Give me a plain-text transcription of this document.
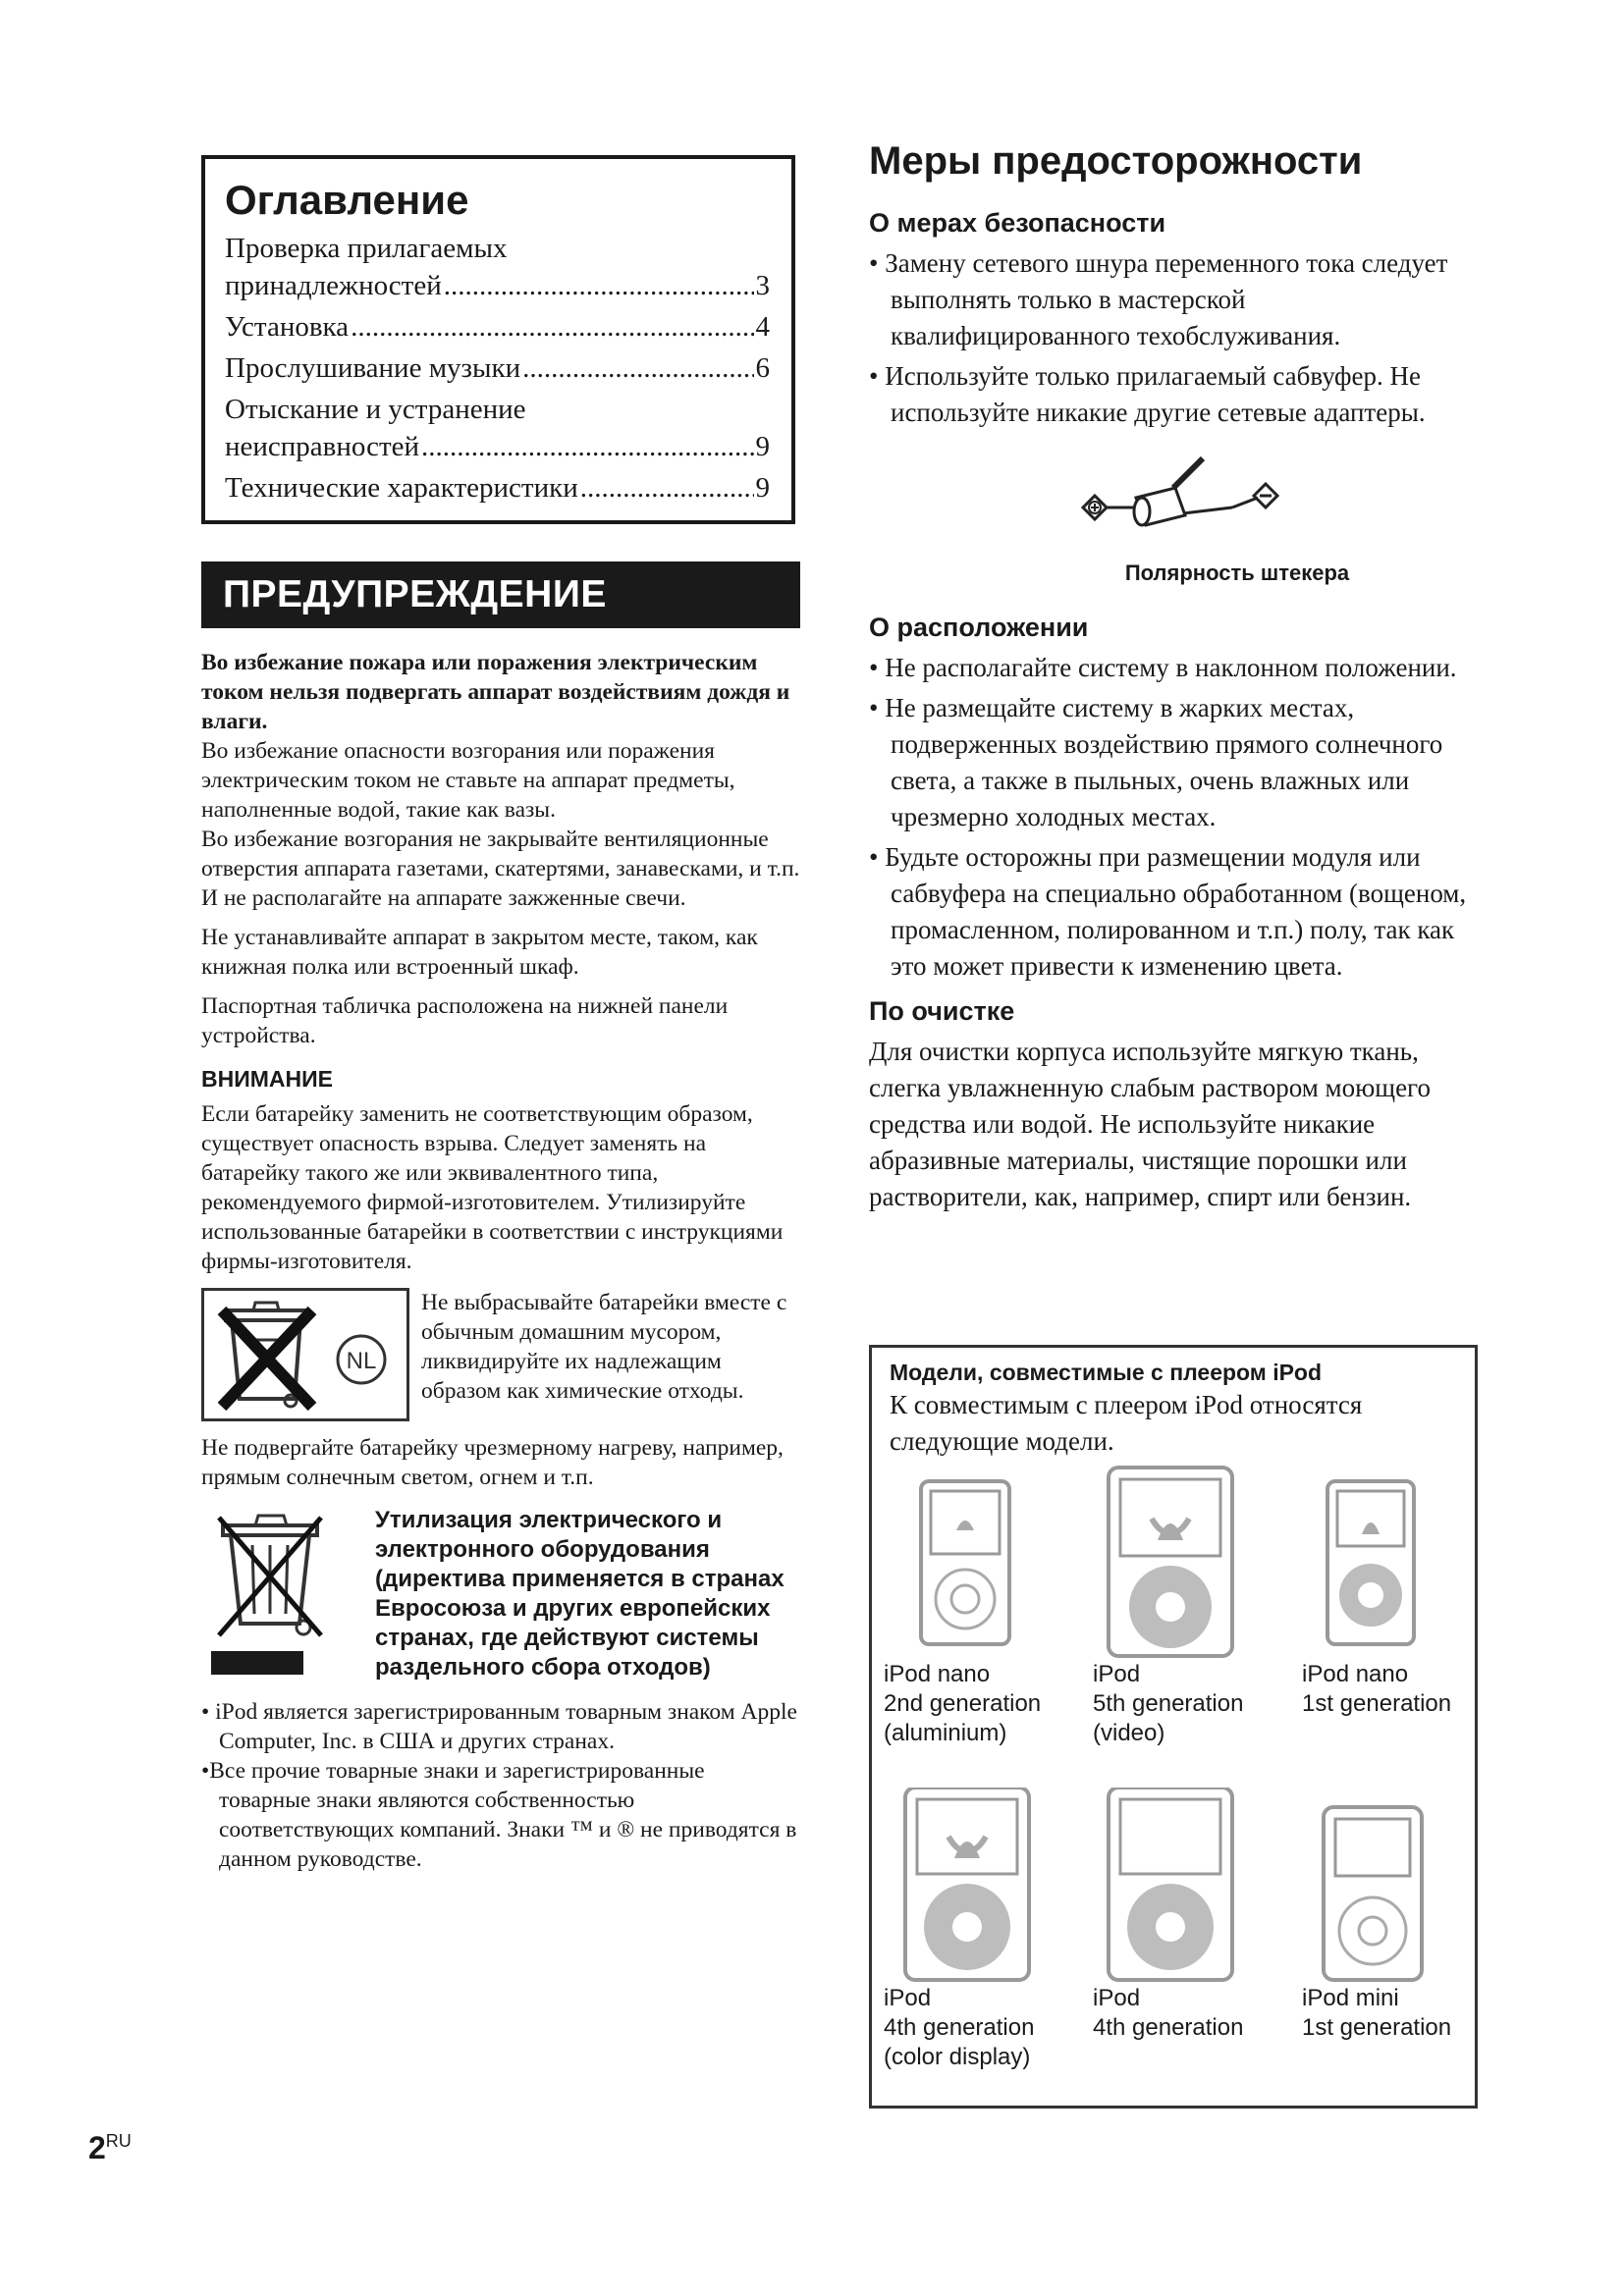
Оглавление
Проверка прилагаемых
принадлежностей .....	3
Установка .....	4
Прослушивание музыки .....	6
Отыскание и устранение
неисправностей .....	9
Технические характеристики .....	9
ПРЕДУПРЕЖДЕНИЕ

Во избежание пожара или поражения электрическим током нельзя подвергать аппарат воздействиям дождя и влаги.

Во избежание опасности возгорания или поражения электрическим током не ставьте на аппарат предметы, наполненные водой, такие как вазы.

Во избежание возгорания не закрывайте вентиляционные отверстия аппарата газетами, скатертями, занавесками, и т.п. И не располагайте на аппарате зажженные свечи.

Не устанавливайте аппарат в закрытом месте, таком, как книжная полка или встроенный шкаф.

Паспортная табличка расположена на нижней панели устройства.

ВНИМАНИЕ

Если батарейку заменить не соответствующим образом, существует опасность взрыва. Следует заменять на батарейку такого же или эквивалентного типа, рекомендуемого фирмой-изготовителем. Утилизируйте использованные батарейки в соответствии с инструкциями фирмы-изготовителя.

NL
Не выбрасывайте батарейки вместе с обычным домашним мусором, ликвидируйте их надлежащим образом как химические отходы.

Не подвергайте батарейку чрезмерному нагреву, например, прямым солнечным светом, огнем и т.п.

Утилизация электрического и электронного оборудования (директива применяется в странах Евросоюза и других европейских странах, где действуют системы раздельного сбора отходов)

• iPod является зарегистрированным товарным знаком Apple Computer, Inc. в США и других странах.

•Все прочие товарные знаки и зарегистрированные товарные знаки являются собственностью соответствующих компаний. Знаки ™ и ® не приводятся в данном руководстве.

Меры предосторожности
О мерах безопасности

• Замену сетевого шнура переменного тока следует выполнять только в мастерской квалифицированного техобслуживания.

• Используйте только прилагаемый сабвуфер. Не используйте никакие другие сетевые адаптеры.

Полярность штекера
О расположении

• Не располагайте систему в наклонном положении.

• Не размещайте систему в жарких местах, подверженных воздействию прямого солнечного света, а также в пыльных, очень влажных или чрезмерно холодных местах.

• Будьте осторожны при размещении модуля или сабвуфера на специально обработанном (вощеном, промасленном, полированном и т.п.) полу, так как это может привести к изменению цвета.

По очистке

Для очистки корпуса используйте мягкую ткань, слегка увлажненную слабым раствором моющего средства или водой. Не используйте никакие абразивные материалы, чистящие порошки или растворители, как, например, спирт или бензин.

Модели, совместимые с плеером iPod
К совместимым с плеером iPod относятся следующие модели.
iPod nano
2nd generation
(aluminium)
iPod
5th generation
(video)
iPod nano
1st generation
iPod
4th generation
(color display)
iPod
4th generation
iPod mini
1st generation
$2^{RU}$
